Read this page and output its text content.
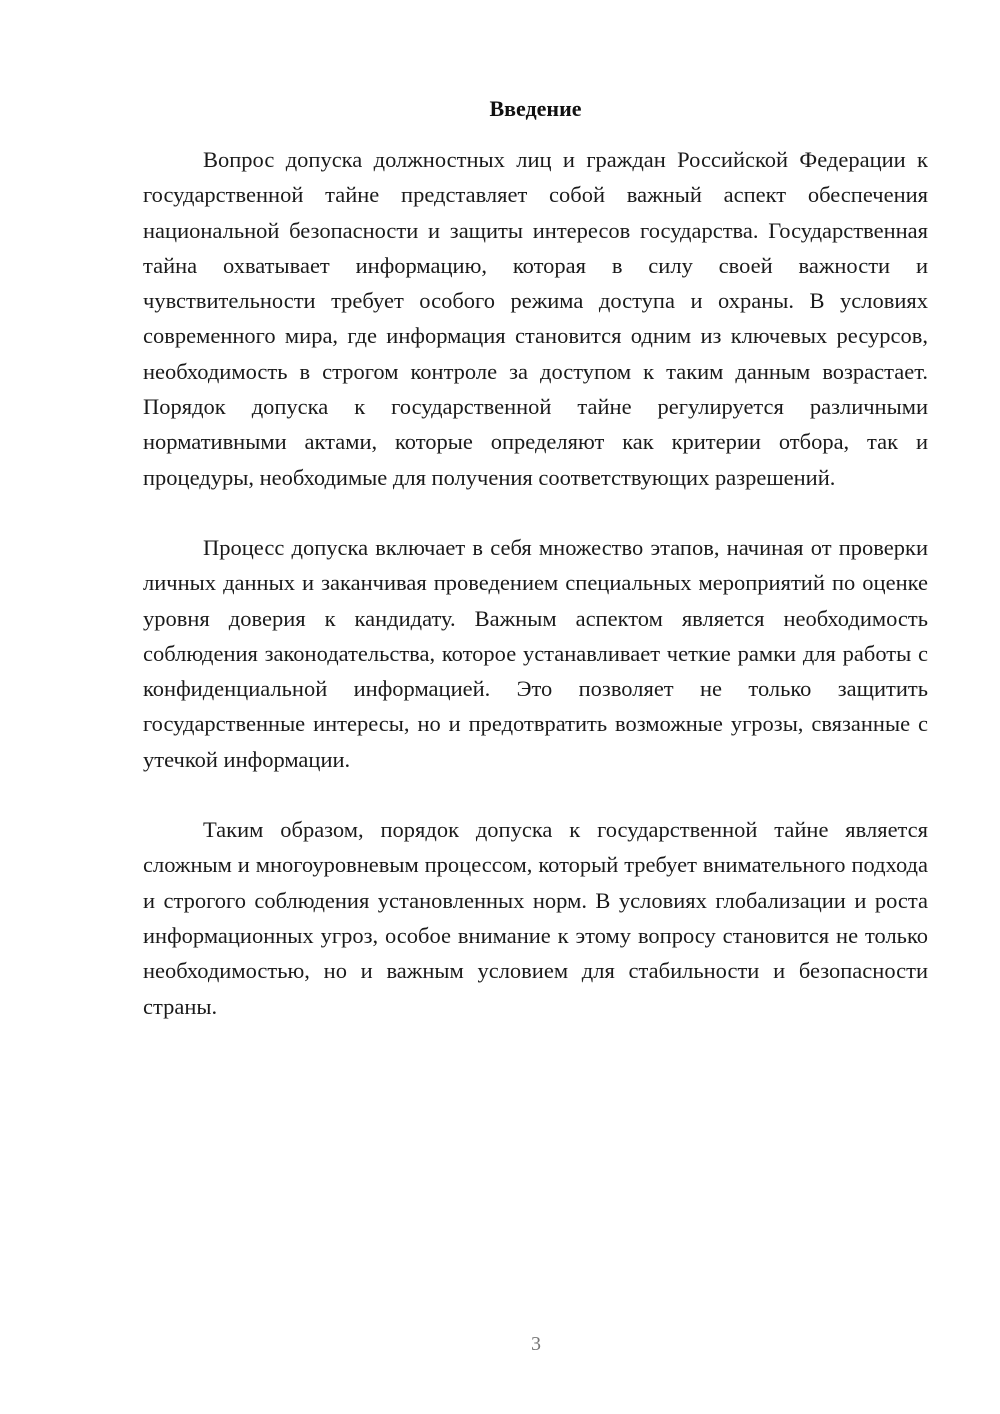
Введение

Вопрос допуска должностных лиц и граждан Российской Федерации к государственной тайне представляет собой важный аспект обеспечения национальной безопасности и защиты интересов государства. Государственная тайна охватывает информацию, которая в силу своей важности и чувствительности требует особого режима доступа и охраны. В условиях современного мира, где информация становится одним из ключевых ресурсов, необходимость в строгом контроле за доступом к таким данным возрастает. Порядок допуска к государственной тайне регулируется различными нормативными актами, которые определяют как критерии отбора, так и процедуры, необходимые для получения соответствующих разрешений.

Процесс допуска включает в себя множество этапов, начиная от проверки личных данных и заканчивая проведением специальных мероприятий по оценке уровня доверия к кандидату. Важным аспектом является необходимость соблюдения законодательства, которое устанавливает четкие рамки для работы с конфиденциальной информацией. Это позволяет не только защитить государственные интересы, но и предотвратить возможные угрозы, связанные с утечкой информации.

Таким образом, порядок допуска к государственной тайне является сложным и многоуровневым процессом, который требует внимательного подхода и строгого соблюдения установленных норм. В условиях глобализации и роста информационных угроз, особое внимание к этому вопросу становится не только необходимостью, но и важным условием для стабильности и безопасности страны.

3
